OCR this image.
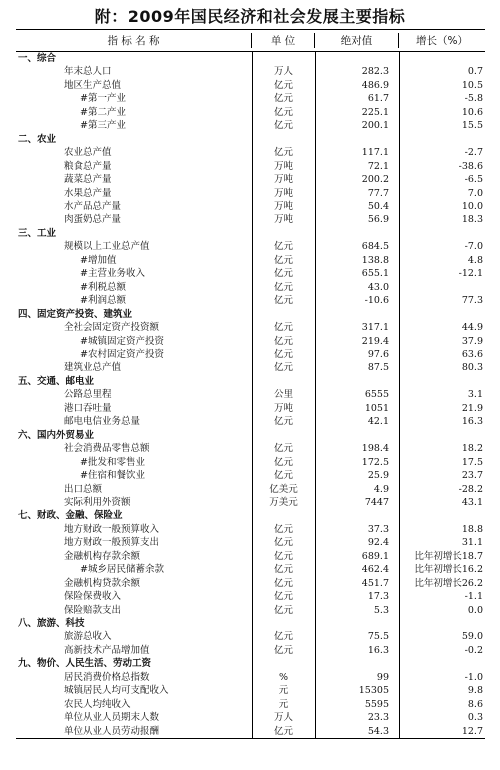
附：2009年国民经济和社会发展主要指标
指 标 名 称	单 位	绝对值	增长（%）
一、综合
年末总人口	万人	282.3	0.7
地区生产总值	亿元	486.9	10.5
#第一产业	亿元	61.7	-5.8
#第二产业	亿元	225.1	10.6
#第三产业	亿元	200.1	15.5
二、农业
农业总产值	亿元	117.1	-2.7
粮食总产量	万吨	72.1	-38.6
蔬菜总产量	万吨	200.2	-6.5
水果总产量	万吨	77.7	7.0
水产品总产量	万吨	50.4	10.0
肉蛋奶总产量	万吨	56.9	18.3
三、工业
规模以上工业总产值	亿元	684.5	-7.0
#增加值	亿元	138.8	4.8
#主营业务收入	亿元	655.1	-12.1
#利税总额	亿元	43.0
#利润总额	亿元	-10.6	77.3
四、固定资产投资、建筑业
全社会固定资产投资额	亿元	317.1	44.9
#城镇固定资产投资	亿元	219.4	37.9
#农村固定资产投资	亿元	97.6	63.6
建筑业总产值	亿元	87.5	80.3
五、交通、邮电业
公路总里程	公里	6555	3.1
港口吞吐量	万吨	1051	21.9
邮电电信业务总量	亿元	42.1	16.3
六、国内外贸易业
社会消费品零售总额	亿元	198.4	18.2
#批发和零售业	亿元	172.5	17.5
#住宿和餐饮业	亿元	25.9	23.7
出口总额	亿美元	4.9	-28.2
实际利用外资额	万美元	7447	43.1
七、财政、金融、保险业
地方财政一般预算收入	亿元	37.3	18.8
地方财政一般预算支出	亿元	92.4	31.1
金融机构存款余额	亿元	689.1	比年初增长18.7
#城乡居民储蓄余款	亿元	462.4	比年初增长16.2
金融机构贷款余额	亿元	451.7	比年初增长26.2
保险保费收入	亿元	17.3	-1.1
保险赔款支出	亿元	5.3	0.0
八、旅游、科技
旅游总收入	亿元	75.5	59.0
高新技术产品增加值	亿元	16.3	-0.2
九、物价、人民生活、劳动工资
居民消费价格总指数	%	99	-1.0
城镇居民人均可支配收入	元	15305	9.8
农民人均纯收入	元	5595	8.6
单位从业人员期末人数	万人	23.3	0.3
单位从业人员劳动报酬	亿元	54.3	12.7
